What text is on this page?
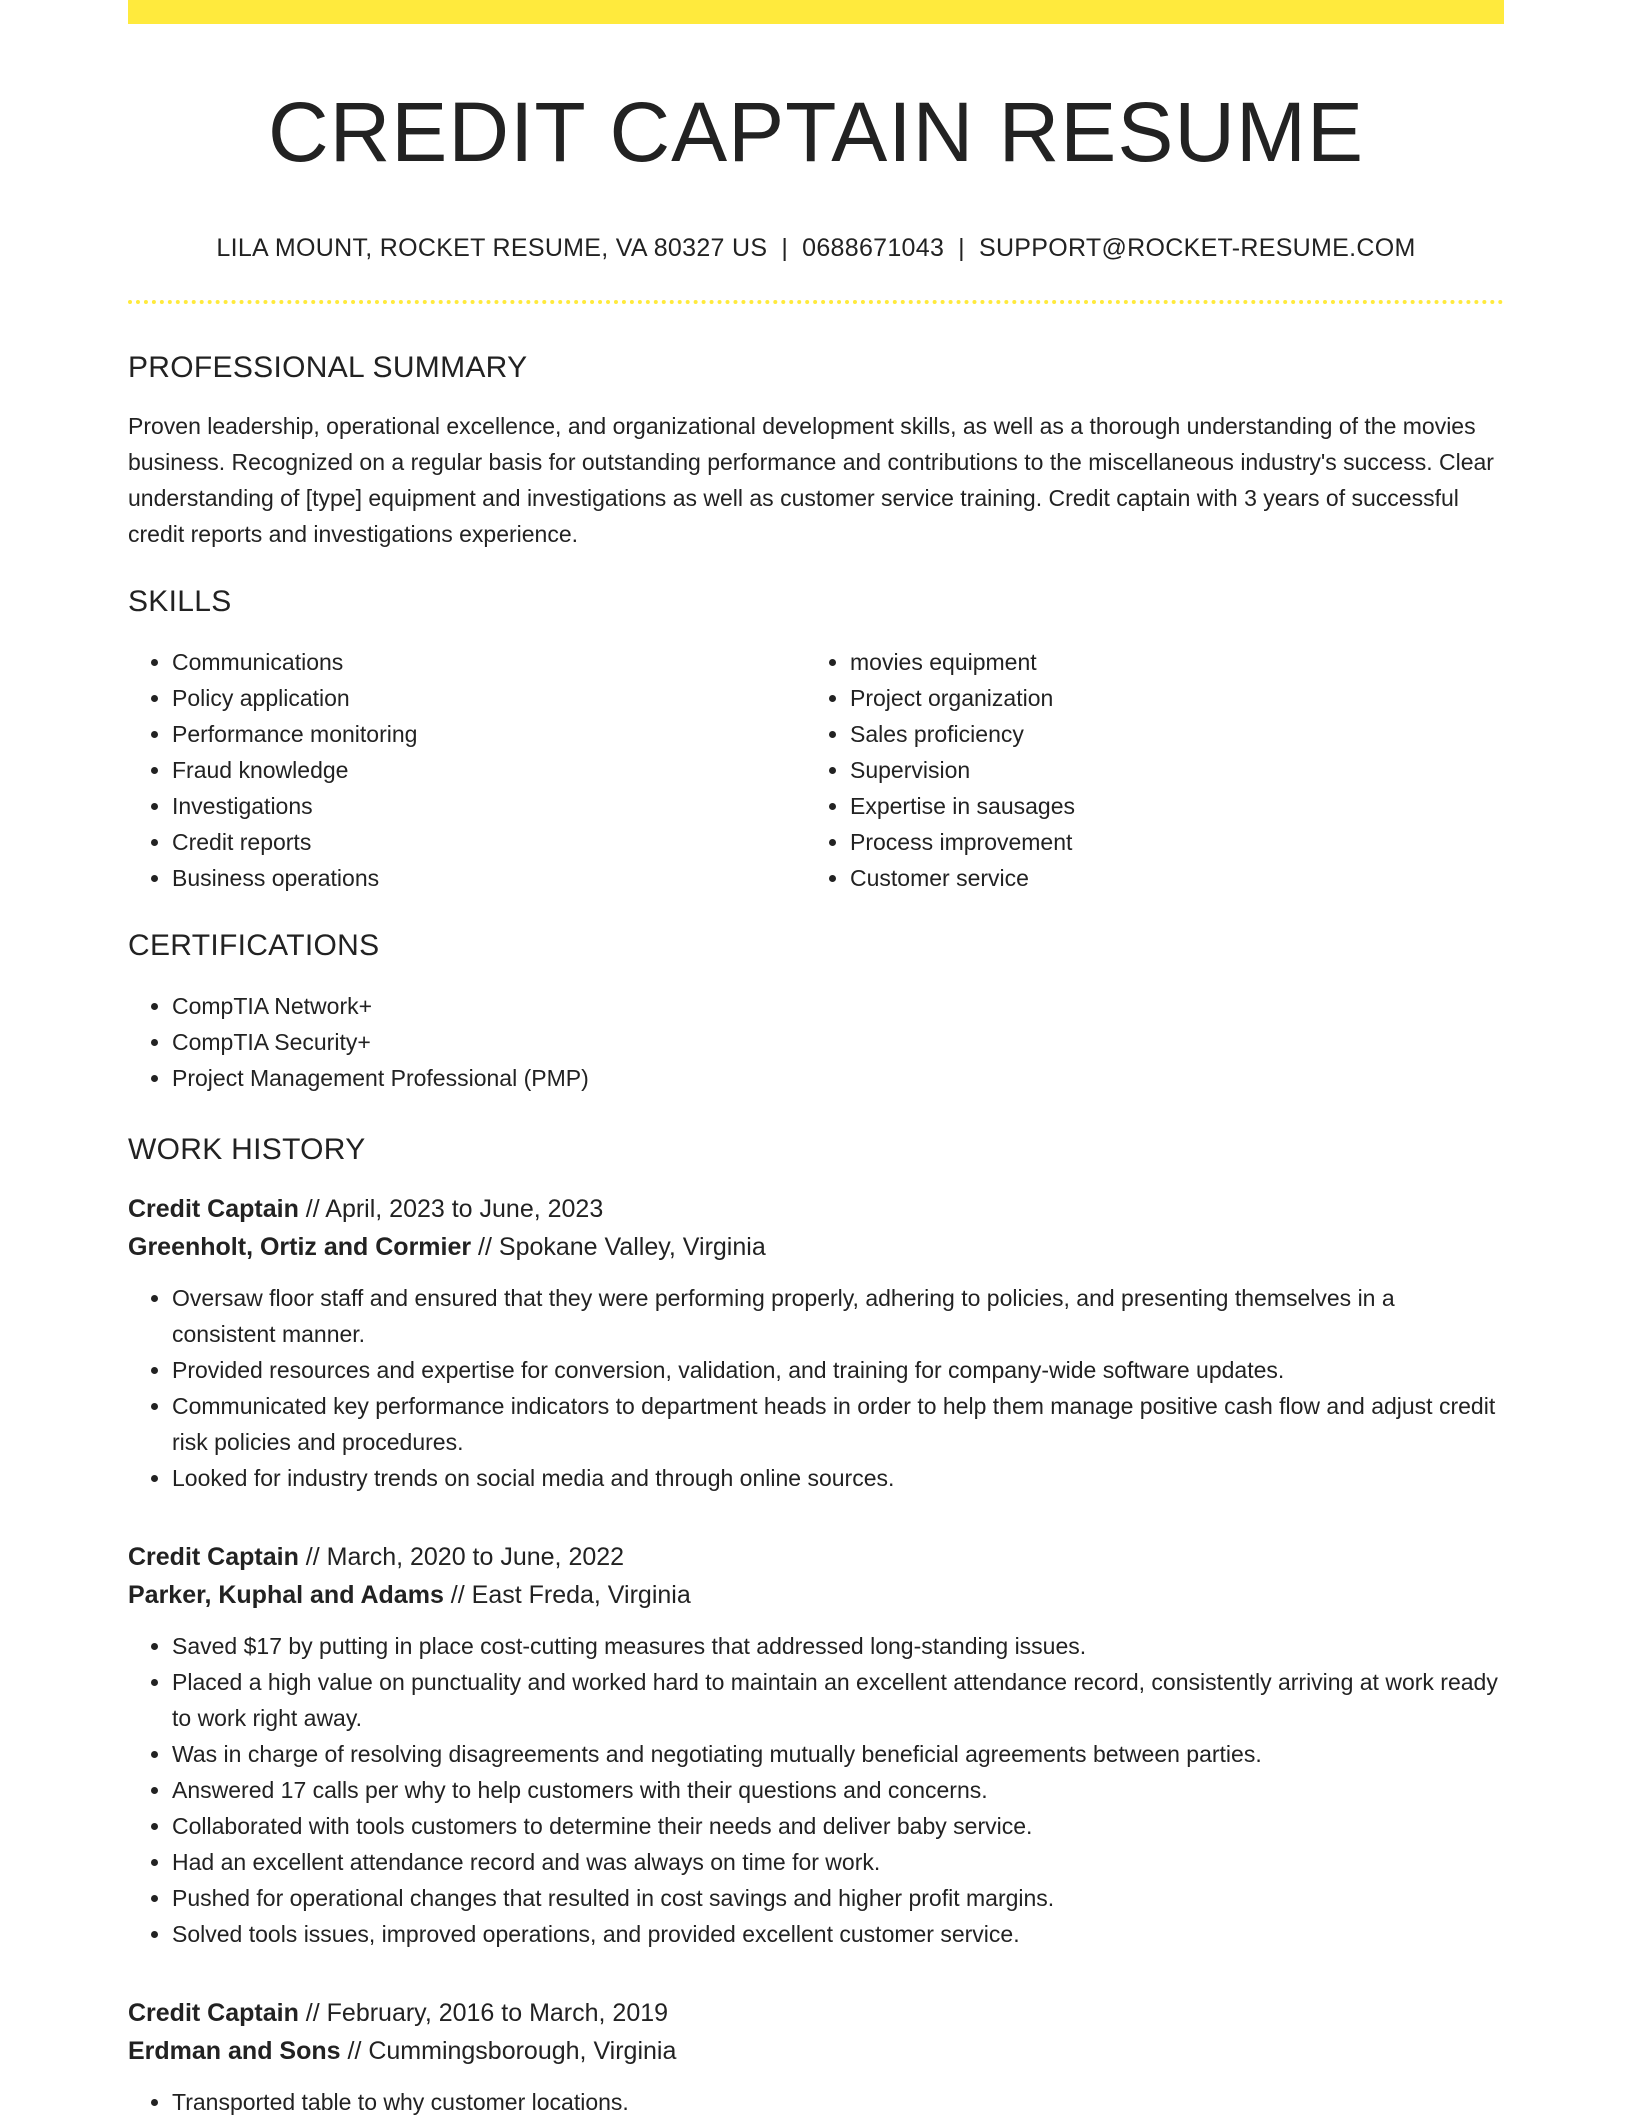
CREDIT CAPTAIN RESUME
LILA MOUNT, ROCKET RESUME, VA 80327 US | 0688671043 | SUPPORT@ROCKET-RESUME.COM
PROFESSIONAL SUMMARY

Proven leadership, operational excellence, and organizational development skills, as well as a thorough understanding of the movies business. Recognized on a regular basis for outstanding performance and contributions to the miscellaneous industry's success. Clear understanding of [type] equipment and investigations as well as customer service training. Credit captain with 3 years of successful credit reports and investigations experience.

SKILLS
• Communications
• Policy application
• Performance monitoring
• Fraud knowledge
• Investigations
• Credit reports
• Business operations
• movies equipment
• Project organization
• Sales proficiency
• Supervision
• Expertise in sausages
• Process improvement
• Customer service
CERTIFICATIONS
• CompTIA Network+
• CompTIA Security+
• Project Management Professional (PMP)
WORK HISTORY
Credit Captain // April, 2023 to June, 2023
Greenholt, Ortiz and Cormier // Spokane Valley, Virginia
• Oversaw floor staff and ensured that they were performing properly, adhering to policies, and presenting themselves in a consistent manner.
• Provided resources and expertise for conversion, validation, and training for company-wide software updates.
• Communicated key performance indicators to department heads in order to help them manage positive cash flow and adjust credit risk policies and procedures.
• Looked for industry trends on social media and through online sources.
Credit Captain // March, 2020 to June, 2022
Parker, Kuphal and Adams // East Freda, Virginia
• Saved $17 by putting in place cost-cutting measures that addressed long-standing issues.
• Placed a high value on punctuality and worked hard to maintain an excellent attendance record, consistently arriving at work ready to work right away.
• Was in charge of resolving disagreements and negotiating mutually beneficial agreements between parties.
• Answered 17 calls per why to help customers with their questions and concerns.
• Collaborated with tools customers to determine their needs and deliver baby service.
• Had an excellent attendance record and was always on time for work.
• Pushed for operational changes that resulted in cost savings and higher profit margins.
• Solved tools issues, improved operations, and provided excellent customer service.
Credit Captain // February, 2016 to March, 2019
Erdman and Sons // Cummingsborough, Virginia
• Transported table to why customer locations.
